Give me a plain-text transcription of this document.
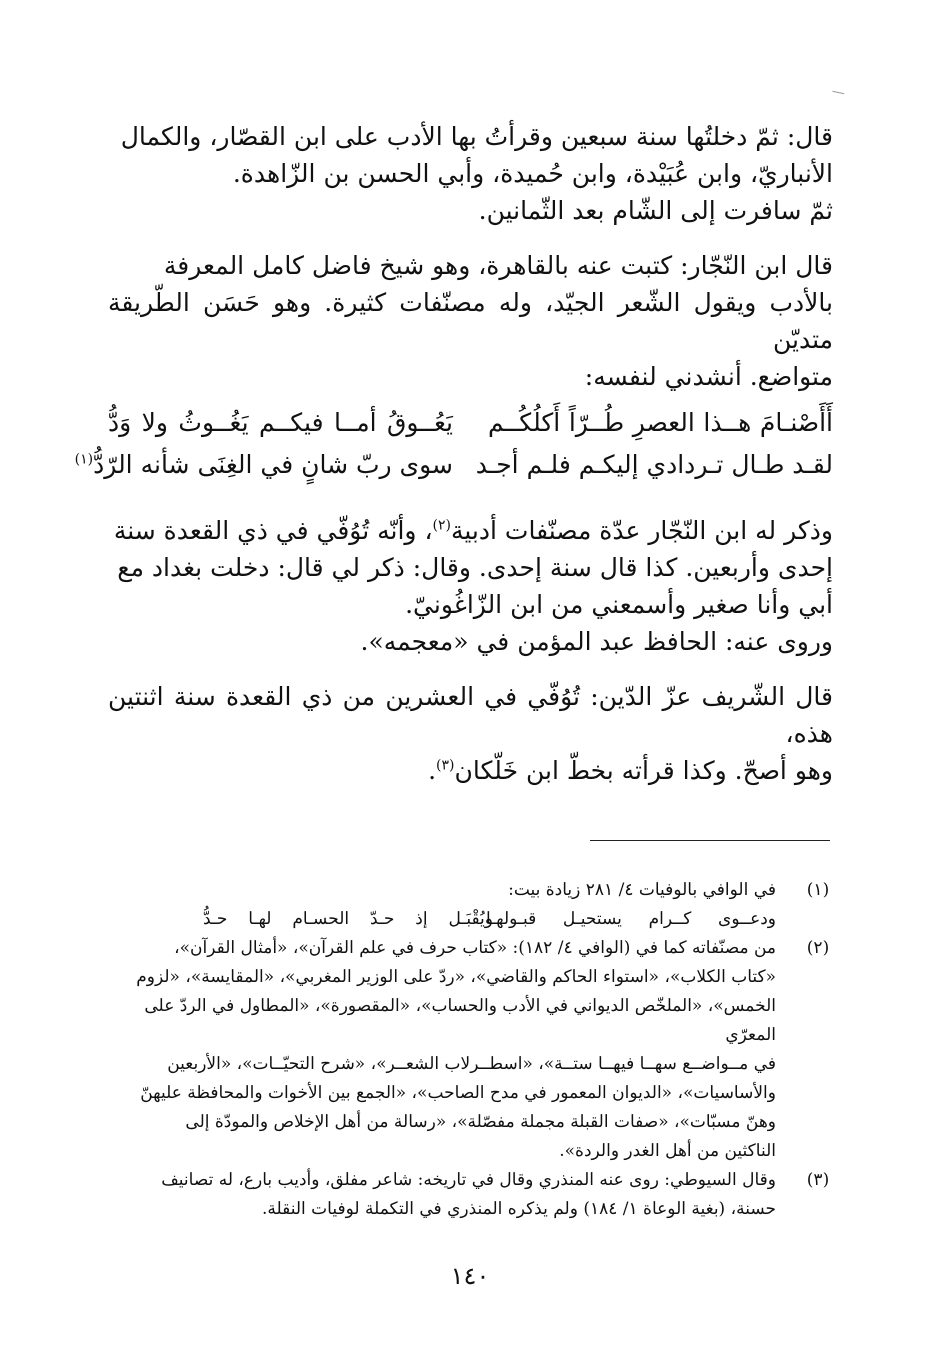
قال: ثمّ دخلتُها سنة سبعين وقرأتُ بها الأدب على ابن القصّار، والكمال

الأنباريّ، وابن عُبَيْدة، وابن حُميدة، وأبي الحسن بن الزّاهدة.

ثمّ سافرت إلى الشّام بعد الثّمانين.

قال ابن النّجّار: كتبت عنه بالقاهرة، وهو شيخ فاضل كامل المعرفة

بالأدب ويقول الشّعر الجيّد، وله مصنّفات كثيرة. وهو حَسَن الطّريقة متديّن

متواضع. أنشدني لنفسه:

أَأَصْنـامَ هــذا العصرِ طُــرّاً أَكلُكُــم
يَعُــوقُ أمــا فيكــم يَغُــوثُ ولا وَدُّ
لقـد طـال تـردادي إليكـم فلـم أجـد
سوى ربّ شانٍ في الغِنَى شأنه الرّدُّ$^{(١)}$

وذكر له ابن النّجّار عدّة مصنّفات أدبية$^{(٢)}$، وأنّه تُوُفّي في ذي القعدة سنة

إحدى وأربعين. كذا قال سنة إحدى. وقال: ذكر لي قال: دخلت بغداد مع

أبي وأنا صغير وأسمعني من ابن الزّاغُونيّ.

وروى عنه: الحافظ عبد المؤمن في «معجمه».

قال الشّريف عزّ الدّين: تُوُفّي في العشرين من ذي القعدة سنة اثنتين هذه،

وهو أصحّ. وكذا قرأته بخطّ ابن خَلّكان$^{(٣)}$.

(١)

في الوافي بالوفيات ٤/ ٢٨١ زيادة بيت:

ودعــوى كــرام يستحيـل قبـولهـا
ويُقْبَـل إذ حـدّ الحسـام لهـا حـدُّ
(٢)

من مصنّفاته كما في (الوافي ٤/ ١٨٢): «كتاب حرف في علم القرآن»، «أمثال القرآن»،

«كتاب الكلاب»، «استواء الحاكم والقاضي»، «ردّ على الوزير المغربي»، «المقايسة»، «لزوم

الخمس»، «الملخّص الديواني في الأدب والحساب»، «المقصورة»، «المطاول في الردّ على المعرّي

في مــواضــع سهــا فيهــا ستــة»، «اسطــرلاب الشعــر»، «شرح التحيّــات»، «الأربعين

والأساسيات»، «الديوان المعمور في مدح الصاحب»، «الجمع بين الأخوات والمحافظة عليهنّ

وهنّ مسبّات»، «صفات القبلة مجملة مفصّلة»، «رسالة من أهل الإخلاص والمودّة إلى

الناكثين من أهل الغدر والردة».

(٣)

وقال السيوطي: روى عنه المنذري وقال في تاريخه: شاعر مفلق، وأديب بارع، له تصانيف

حسنة، (بغية الوعاة ١/ ١٨٤) ولم يذكره المنذري في التكملة لوفيات النقلة.

١٤٠
